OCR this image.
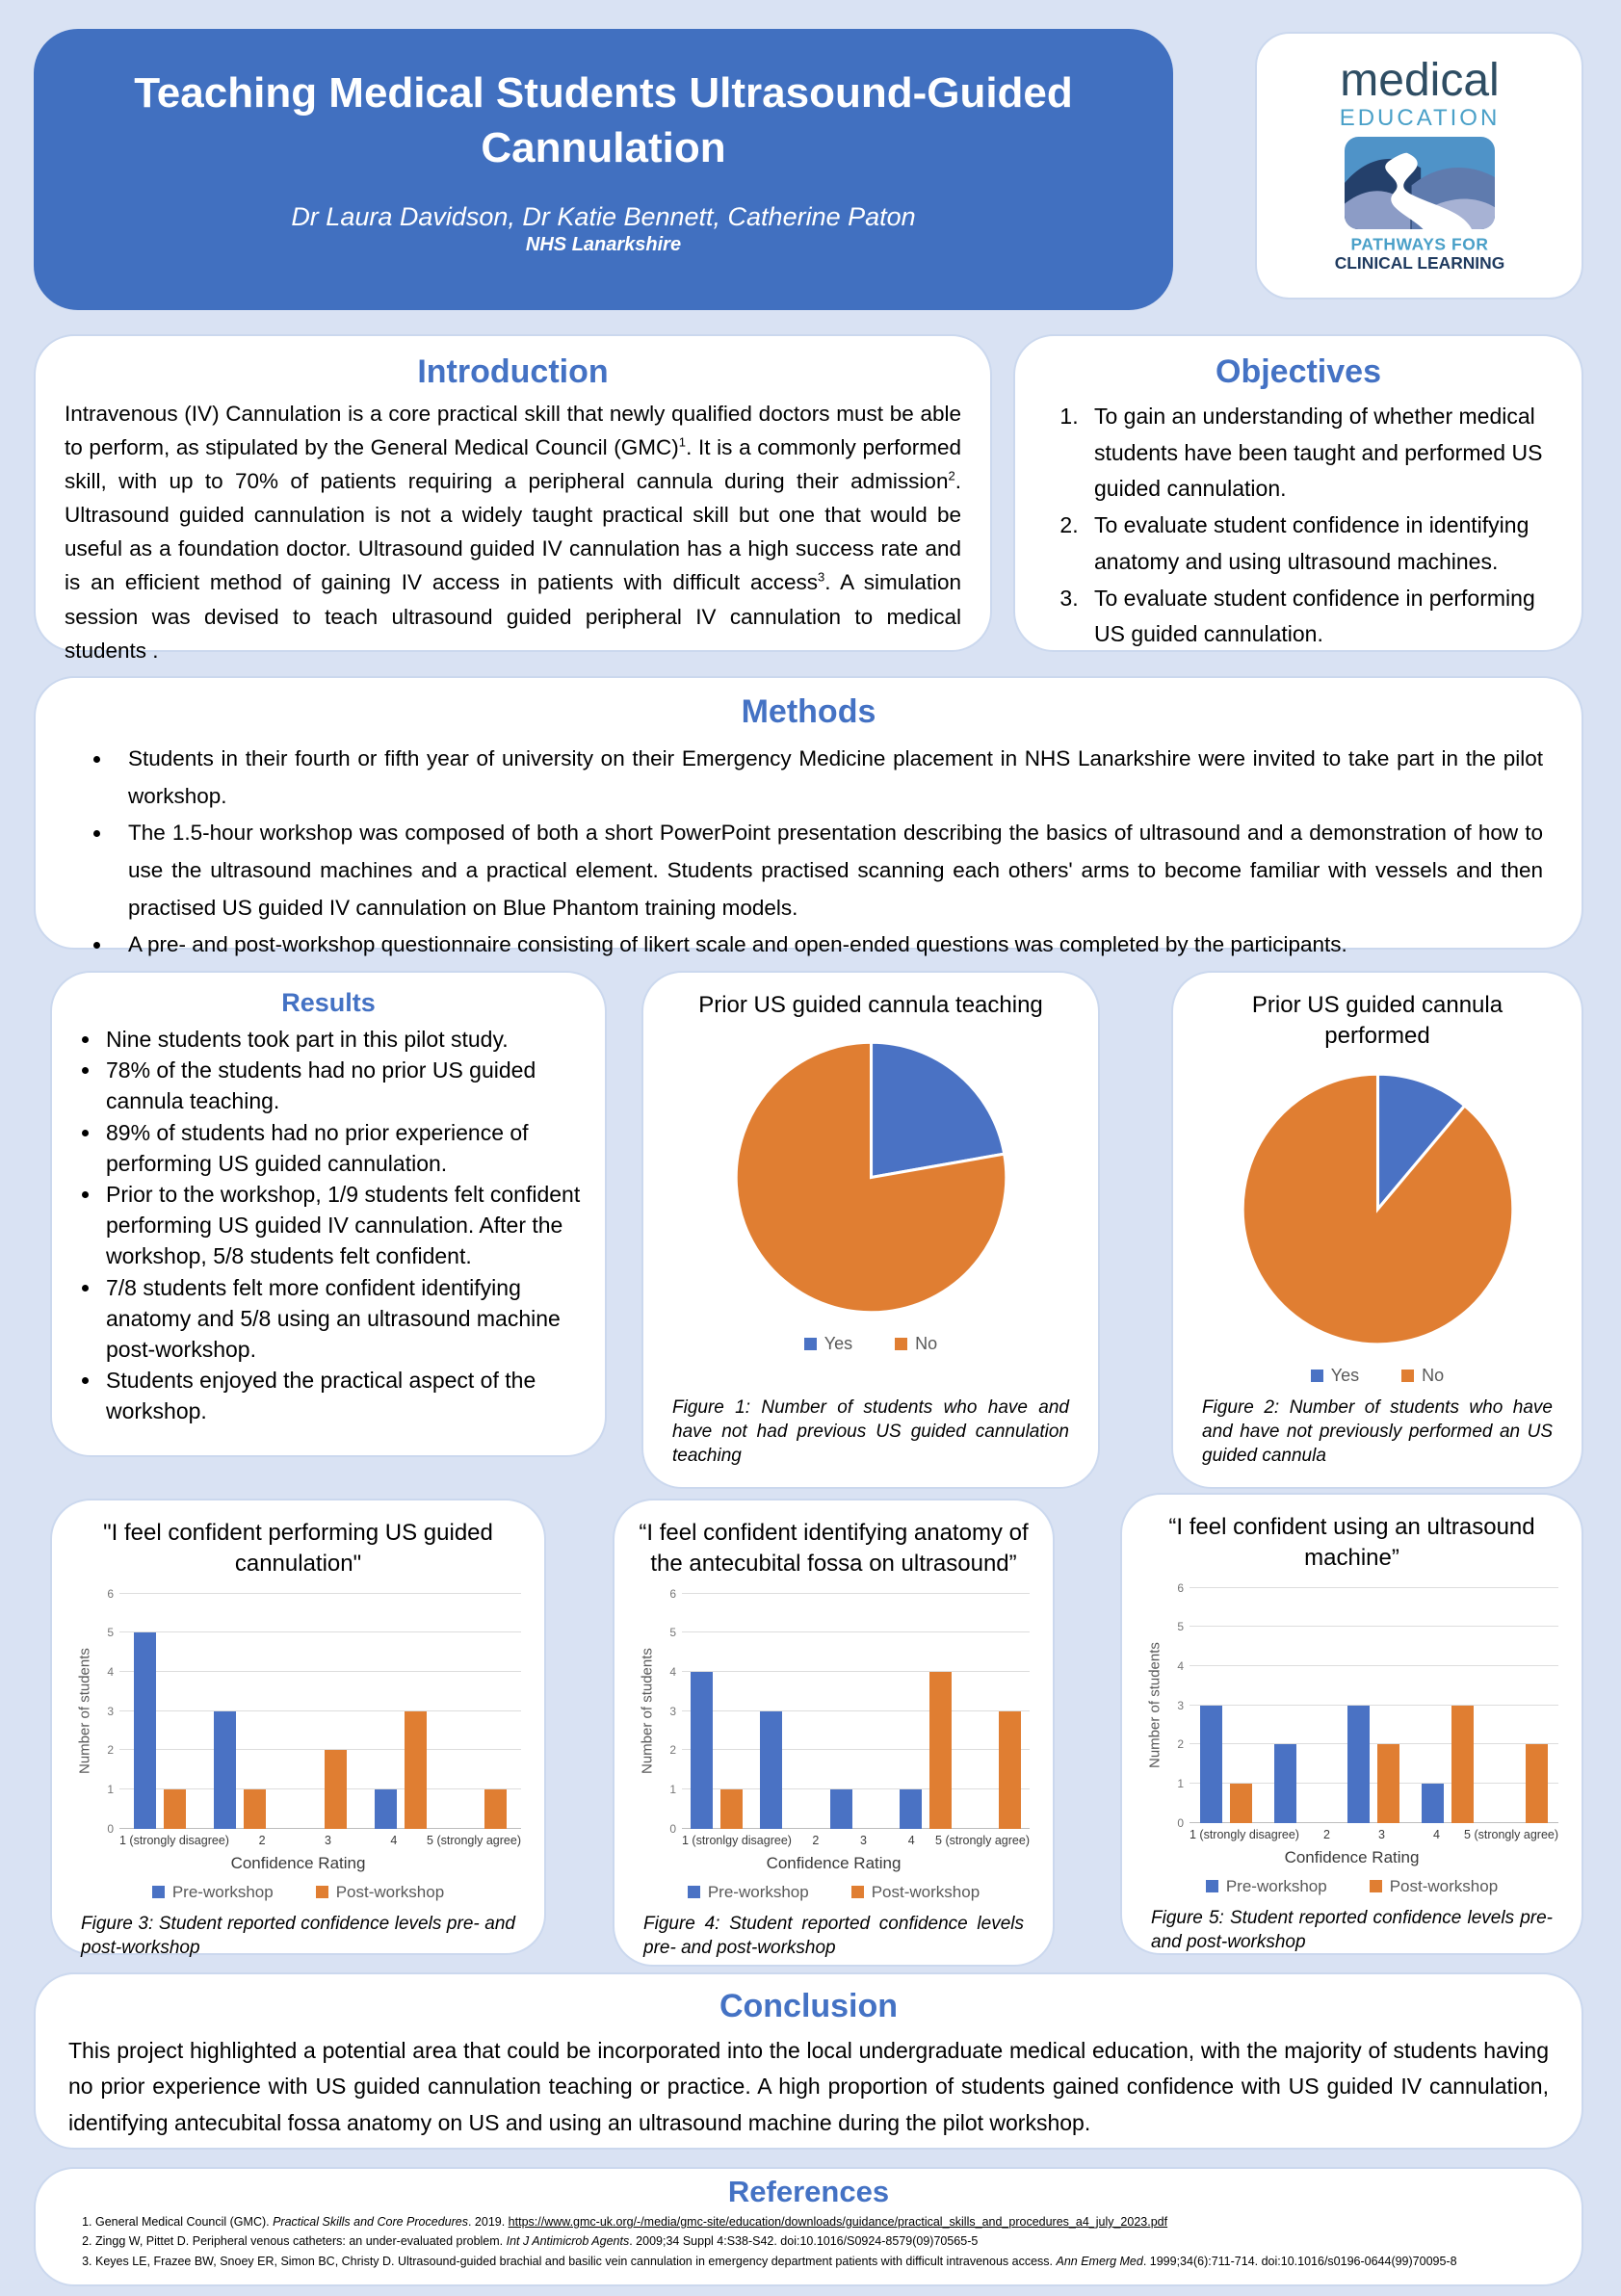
Teaching Medical Students Ultrasound-Guided Cannulation
Dr Laura Davidson, Dr Katie Bennett, Catherine Paton
NHS Lanarkshire
medical
EDUCATION
PATHWAYS FOR
CLINICAL LEARNING
Introduction

Intravenous (IV) Cannulation is a core practical skill that newly qualified doctors must be able to perform, as stipulated by the General Medical Council (GMC)$^1$. It is a commonly performed skill, with up to 70% of patients requiring a peripheral cannula during their admission$^2$. Ultrasound guided cannulation is not a widely taught practical skill but one that would be useful as a foundation doctor. Ultrasound guided IV cannulation has a high success rate and is an efficient method of gaining IV access in patients with difficult access$^3$. A simulation session was devised to teach ultrasound guided peripheral IV cannulation to medical students .

Objectives
1. To gain an understanding of whether medical students have been taught and performed US guided cannulation.
2. To evaluate student confidence in identifying anatomy and using ultrasound machines.
3. To evaluate student confidence in performing US guided cannulation.
Methods
• Students in their fourth or fifth year of university on their Emergency Medicine placement in NHS Lanarkshire were invited to take part in the pilot workshop.
• The 1.5-hour workshop was composed of both a short PowerPoint presentation describing the basics of ultrasound and a demonstration of how to use the ultrasound machines and a practical element. Students practised scanning each others' arms to become familiar with vessels and then practised US guided IV cannulation on Blue Phantom training models.
• A pre- and post-workshop questionnaire consisting of likert scale and open-ended questions was completed by the participants.
Results
• Nine students took part in this pilot study.
• 78% of the students had no prior US guided cannula teaching.
• 89% of students had no prior experience of performing US guided cannulation.
• Prior to the workshop, 1/9 students felt confident performing US guided IV cannulation. After the workshop, 5/8 students felt confident.
• 7/8 students felt more confident identifying anatomy and 5/8 using an ultrasound machine post-workshop.
• Students enjoyed the practical aspect of the workshop.
Prior US guided cannula teaching
Yes	No

Figure 1: Number of students who have and have not had previous US guided cannulation teaching

Prior US guided cannula performed
Yes	No

Figure 2: Number of students who have and have not previously performed an US guided cannula

"I feel confident performing US guided cannulation"
Number of students
0
1
2
3
4
5
6
1 (strongly disagree)	2	3	4	5 (strongly agree)
Confidence Rating
Pre-workshop	Post-workshop

Figure 3: Student reported confidence levels pre- and post-workshop

“I feel confident identifying anatomy of the antecubital fossa on ultrasound”
Number of students
0
1
2
3
4
5
6
1 (stronlgy disagree)	2	3	4	5 (strongly agree)
Confidence Rating
Pre-workshop	Post-workshop

Figure 4: Student reported confidence levels pre- and post-workshop

“I feel confident using an ultrasound machine”
Number of students
0
1
2
3
4
5
6
1 (strongly disagree)	2	3	4	5 (strongly agree)
Confidence Rating
Pre-workshop	Post-workshop

Figure 5: Student reported confidence levels pre- and post-workshop

Conclusion

This project highlighted a potential area that could be incorporated into the local undergraduate medical education, with the majority of students having no prior experience with US guided cannulation teaching or practice. A high proportion of students gained confidence with US guided IV cannulation, identifying antecubital fossa anatomy on US and using an ultrasound machine during the pilot workshop.

References
1. General Medical Council (GMC). Practical Skills and Core Procedures. 2019. https://www.gmc-uk.org/-/media/gmc-site/education/downloads/guidance/practical_skills_and_procedures_a4_july_2023.pdf
2. Zingg W, Pittet D. Peripheral venous catheters: an under-evaluated problem. Int J Antimicrob Agents. 2009;34 Suppl 4:S38-S42. doi:10.1016/S0924-8579(09)70565-5
3. Keyes LE, Frazee BW, Snoey ER, Simon BC, Christy D. Ultrasound-guided brachial and basilic vein cannulation in emergency department patients with difficult intravenous access. Ann Emerg Med. 1999;34(6):711-714. doi:10.1016/s0196-0644(99)70095-8
